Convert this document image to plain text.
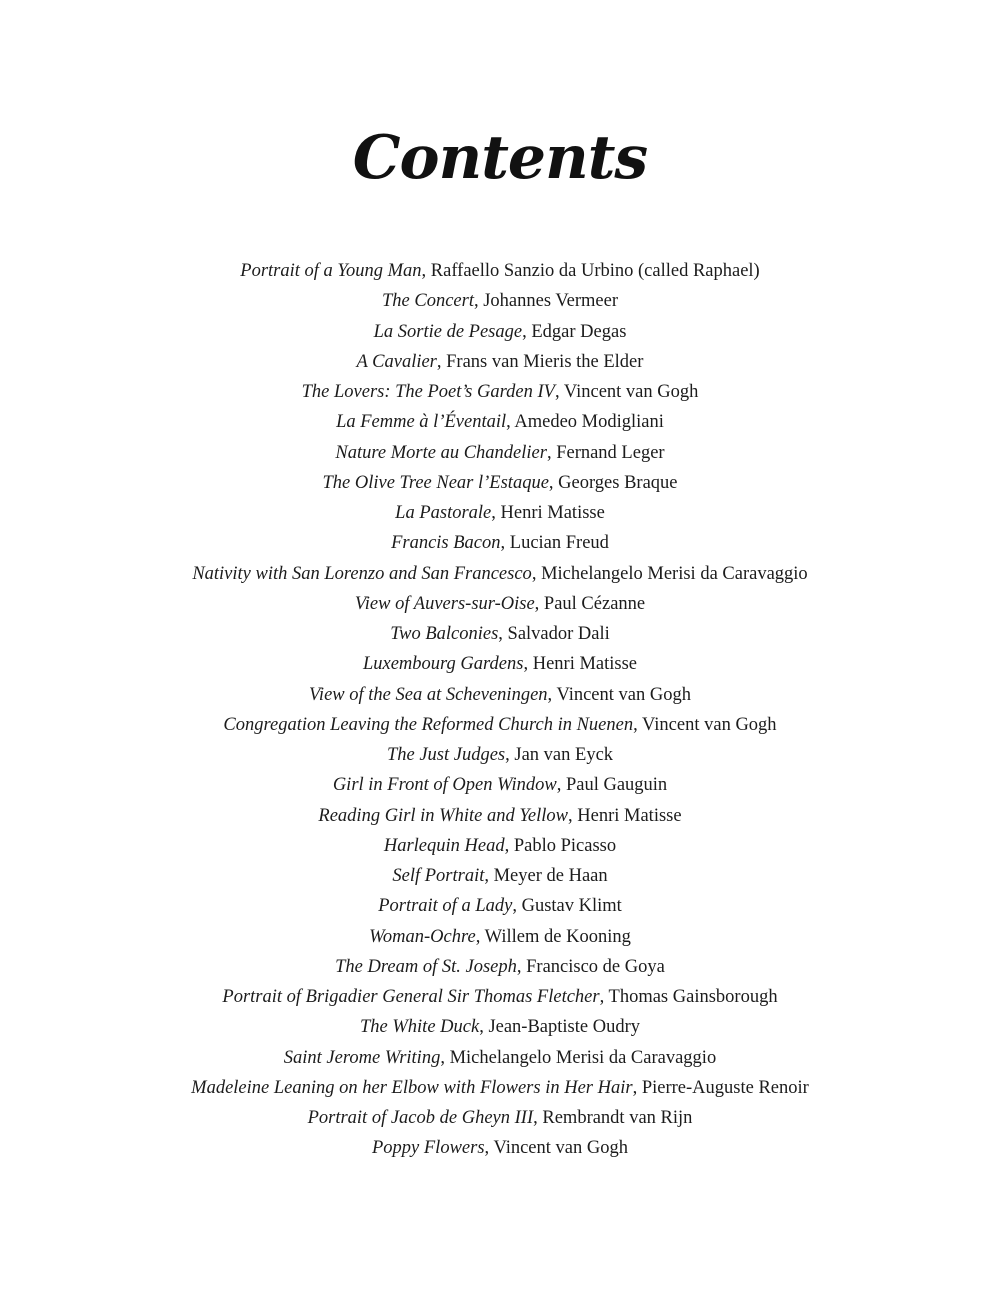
Contents
Portrait of a Young Man, Raffaello Sanzio da Urbino (called Raphael)
The Concert, Johannes Vermeer
La Sortie de Pesage, Edgar Degas
A Cavalier, Frans van Mieris the Elder
The Lovers: The Poet’s Garden IV, Vincent van Gogh
La Femme à l’Éventail, Amedeo Modigliani
Nature Morte au Chandelier, Fernand Leger
The Olive Tree Near l’Estaque, Georges Braque
La Pastorale, Henri Matisse
Francis Bacon, Lucian Freud
Nativity with San Lorenzo and San Francesco, Michelangelo Merisi da Caravaggio
View of Auvers-sur-Oise, Paul Cézanne
Two Balconies, Salvador Dali
Luxembourg Gardens, Henri Matisse
View of the Sea at Scheveningen, Vincent van Gogh
Congregation Leaving the Reformed Church in Nuenen, Vincent van Gogh
The Just Judges, Jan van Eyck
Girl in Front of Open Window, Paul Gauguin
Reading Girl in White and Yellow, Henri Matisse
Harlequin Head, Pablo Picasso
Self Portrait, Meyer de Haan
Portrait of a Lady, Gustav Klimt
Woman-Ochre, Willem de Kooning
The Dream of St. Joseph, Francisco de Goya
Portrait of Brigadier General Sir Thomas Fletcher, Thomas Gainsborough
The White Duck, Jean-Baptiste Oudry
Saint Jerome Writing, Michelangelo Merisi da Caravaggio
Madeleine Leaning on her Elbow with Flowers in Her Hair, Pierre-Auguste Renoir
Portrait of Jacob de Gheyn III, Rembrandt van Rijn
Poppy Flowers, Vincent van Gogh
